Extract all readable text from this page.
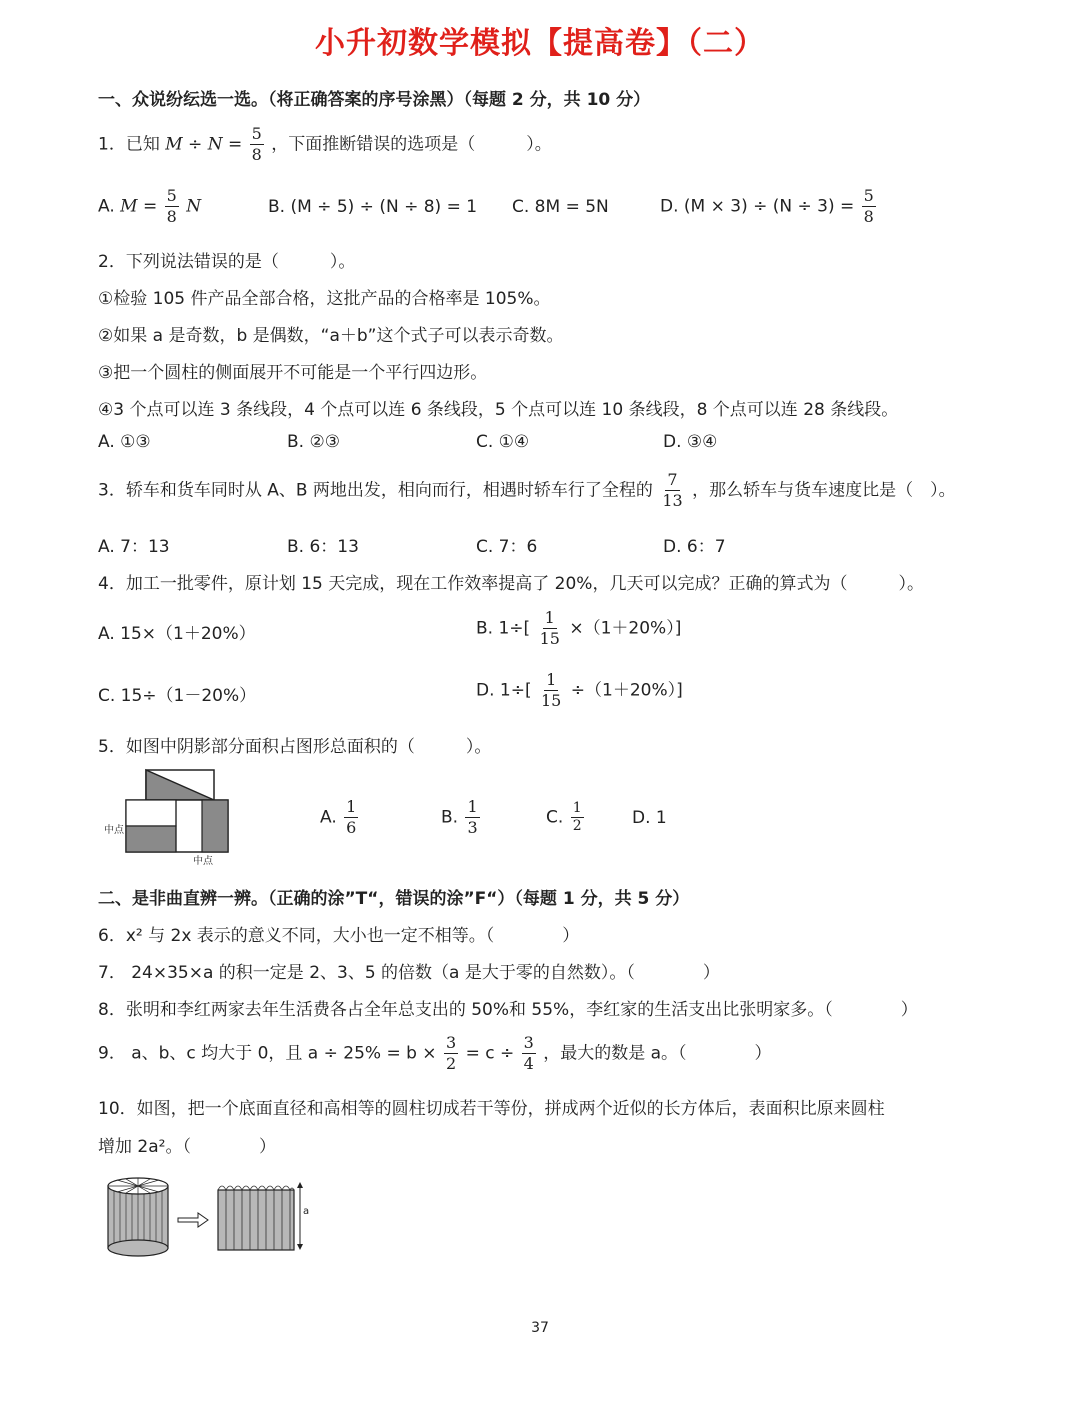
小升初数学模拟【提高卷】（二）
一、众说纷纭选一选。（将正确答案的序号涂黑）（每题 2 分，共 10 分）
1．已知 $M \div N = \frac{5}{8}$ ，下面推断错误的选项是（　　　）。
A. $M = \frac{5}{8}$ N	B. (M ÷ 5) ÷ (N ÷ 8) = 1 C. 8M = 5N	D. $(M \times 3) \div (N \div 3) = \frac{5}{8}$
2．下列说法错误的是（　　　）。
①检验 105 件产品全部合格，这批产品的合格率是 105%。
②如果 a 是奇数，b 是偶数，“a＋b”这个式子可以表示奇数。
③把一个圆柱的侧面展开不可能是一个平行四边形。
④3 个点可以连 3 条线段，4 个点可以连 6 条线段，5 个点可以连 10 条线段，8 个点可以连 28 条线段。
A. ①③	B. ②③	C. ①④	D. ③④
3．轿车和货车同时从 A、B 两地出发，相向而行，相遇时轿车行了全程的 $\frac{7}{13}$ ，那么轿车与货车速度比是（　）。
A. 7：13	B. 6：13	C. 7：6	D. 6：7
4．加工一批零件，原计划 15 天完成，现在工作效率提高了 20%，几天可以完成？正确的算式为（　　　）。
A. 15×（1＋20%）	B. $1\div[ \frac{1}{15} \times(1+20\%)]$
C. 15÷（1－20%）	D. $1\div[ \frac{1}{15} \div(1+20\%)]$
5．如图中阴影部分面积占图形总面积的（　　　）。
中点
中点
A. $\frac{1}{6}$	B. $\frac{1}{3}$	C. $\frac{1}{2}$	D. 1
二、是非曲直辨一辨。（正确的涂”T“，错误的涂”F“）（每题 1 分，共 5 分）
6．x² 与 2x 表示的意义不同，大小也一定不相等。（　　　　）
7． 24×35×a 的积一定是 2、3、5 的倍数（a 是大于零的自然数）。（　　　　）
8．张明和李红两家去年生活费各占全年总支出的 50%和 55%，李红家的生活支出比张明家多。（　　　　）
9． a、b、c 均大于 0，且 $a \div 25\% = b \times \frac{3}{2} = c \div \frac{3}{4}$ ，最大的数是 a。（　　　　）
10．如图，把一个底面直径和高相等的圆柱切成若干等份，拼成两个近似的长方体后，表面积比原来圆柱
增加 2a²。（　　　　）
a
37
